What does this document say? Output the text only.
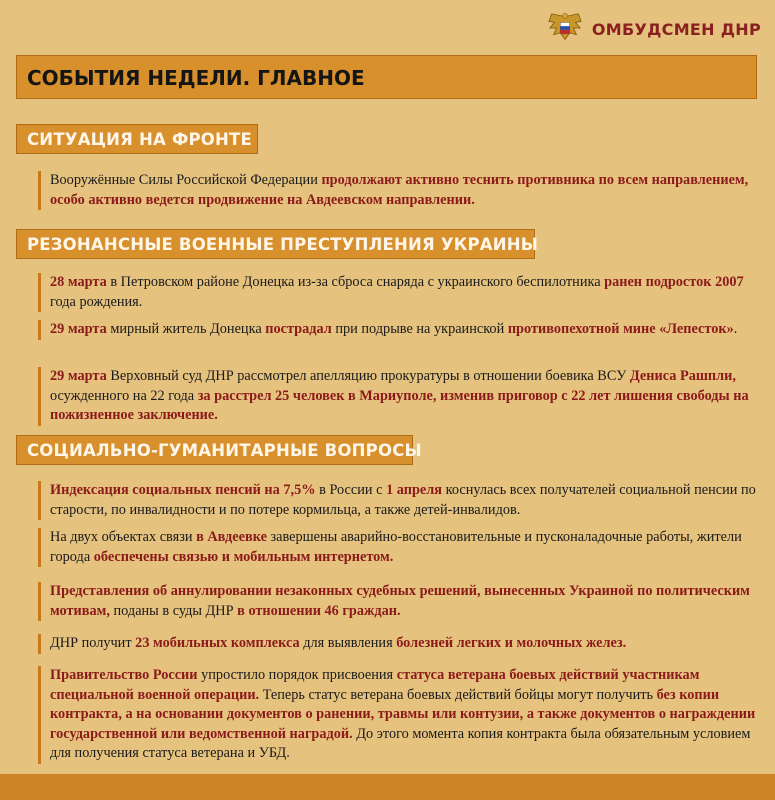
ОМБУДСМЕН ДНР
СОБЫТИЯ НЕДЕЛИ. ГЛАВНОЕ
СИТУАЦИЯ НА ФРОНТЕ
Вооружённые Силы Российской Федерации продолжают активно теснить противника по всем направлением, особо активно ведется продвижение на Авдеевском направлении.
РЕЗОНАНСНЫЕ ВОЕННЫЕ ПРЕСТУПЛЕНИЯ УКРАИНЫ
28 марта в Петровском районе Донецка из-за сброса снаряда с украинского беспилотника ранен подросток 2007 года рождения.
29 марта мирный житель Донецка пострадал при подрыве на украинской противопехотной мине «Лепесток».
29 марта Верховный суд ДНР рассмотрел апелляцию прокуратуры в отношении боевика ВСУ Дениса Рашпли, осужденного на 22 года за расстрел 25 человек в Мариуполе, изменив приговор с 22 лет лишения свободы на пожизненное заключение.
СОЦИАЛЬНО-ГУМАНИТАРНЫЕ ВОПРОСЫ
Индексация социальных пенсий на 7,5% в России с 1 апреля коснулась всех получателей социальной пенсии по старости, по инвалидности и по потере кормильца, а также детей-инвалидов.
На двух объектах связи в Авдеевке завершены аварийно-восстановительные и пусконаладочные работы, жители города обеспечены связью и мобильным интернетом.
Представления об аннулировании незаконных судебных решений, вынесенных Украиной по политическим мотивам, поданы в суды ДНР в отношении 46 граждан.
ДНР получит 23 мобильных комплекса для выявления болезней легких и молочных желез.
Правительство России упростило порядок присвоения статуса ветерана боевых действий участникам специальной военной операции. Теперь статус ветерана боевых действий бойцы могут получить без копии контракта, а на основании документов о ранении, травмы или контузии, а также документов о награждении государственной или ведомственной наградой. До этого момента копия контракта была обязательным условием для получения статуса ветерана и УБД.
